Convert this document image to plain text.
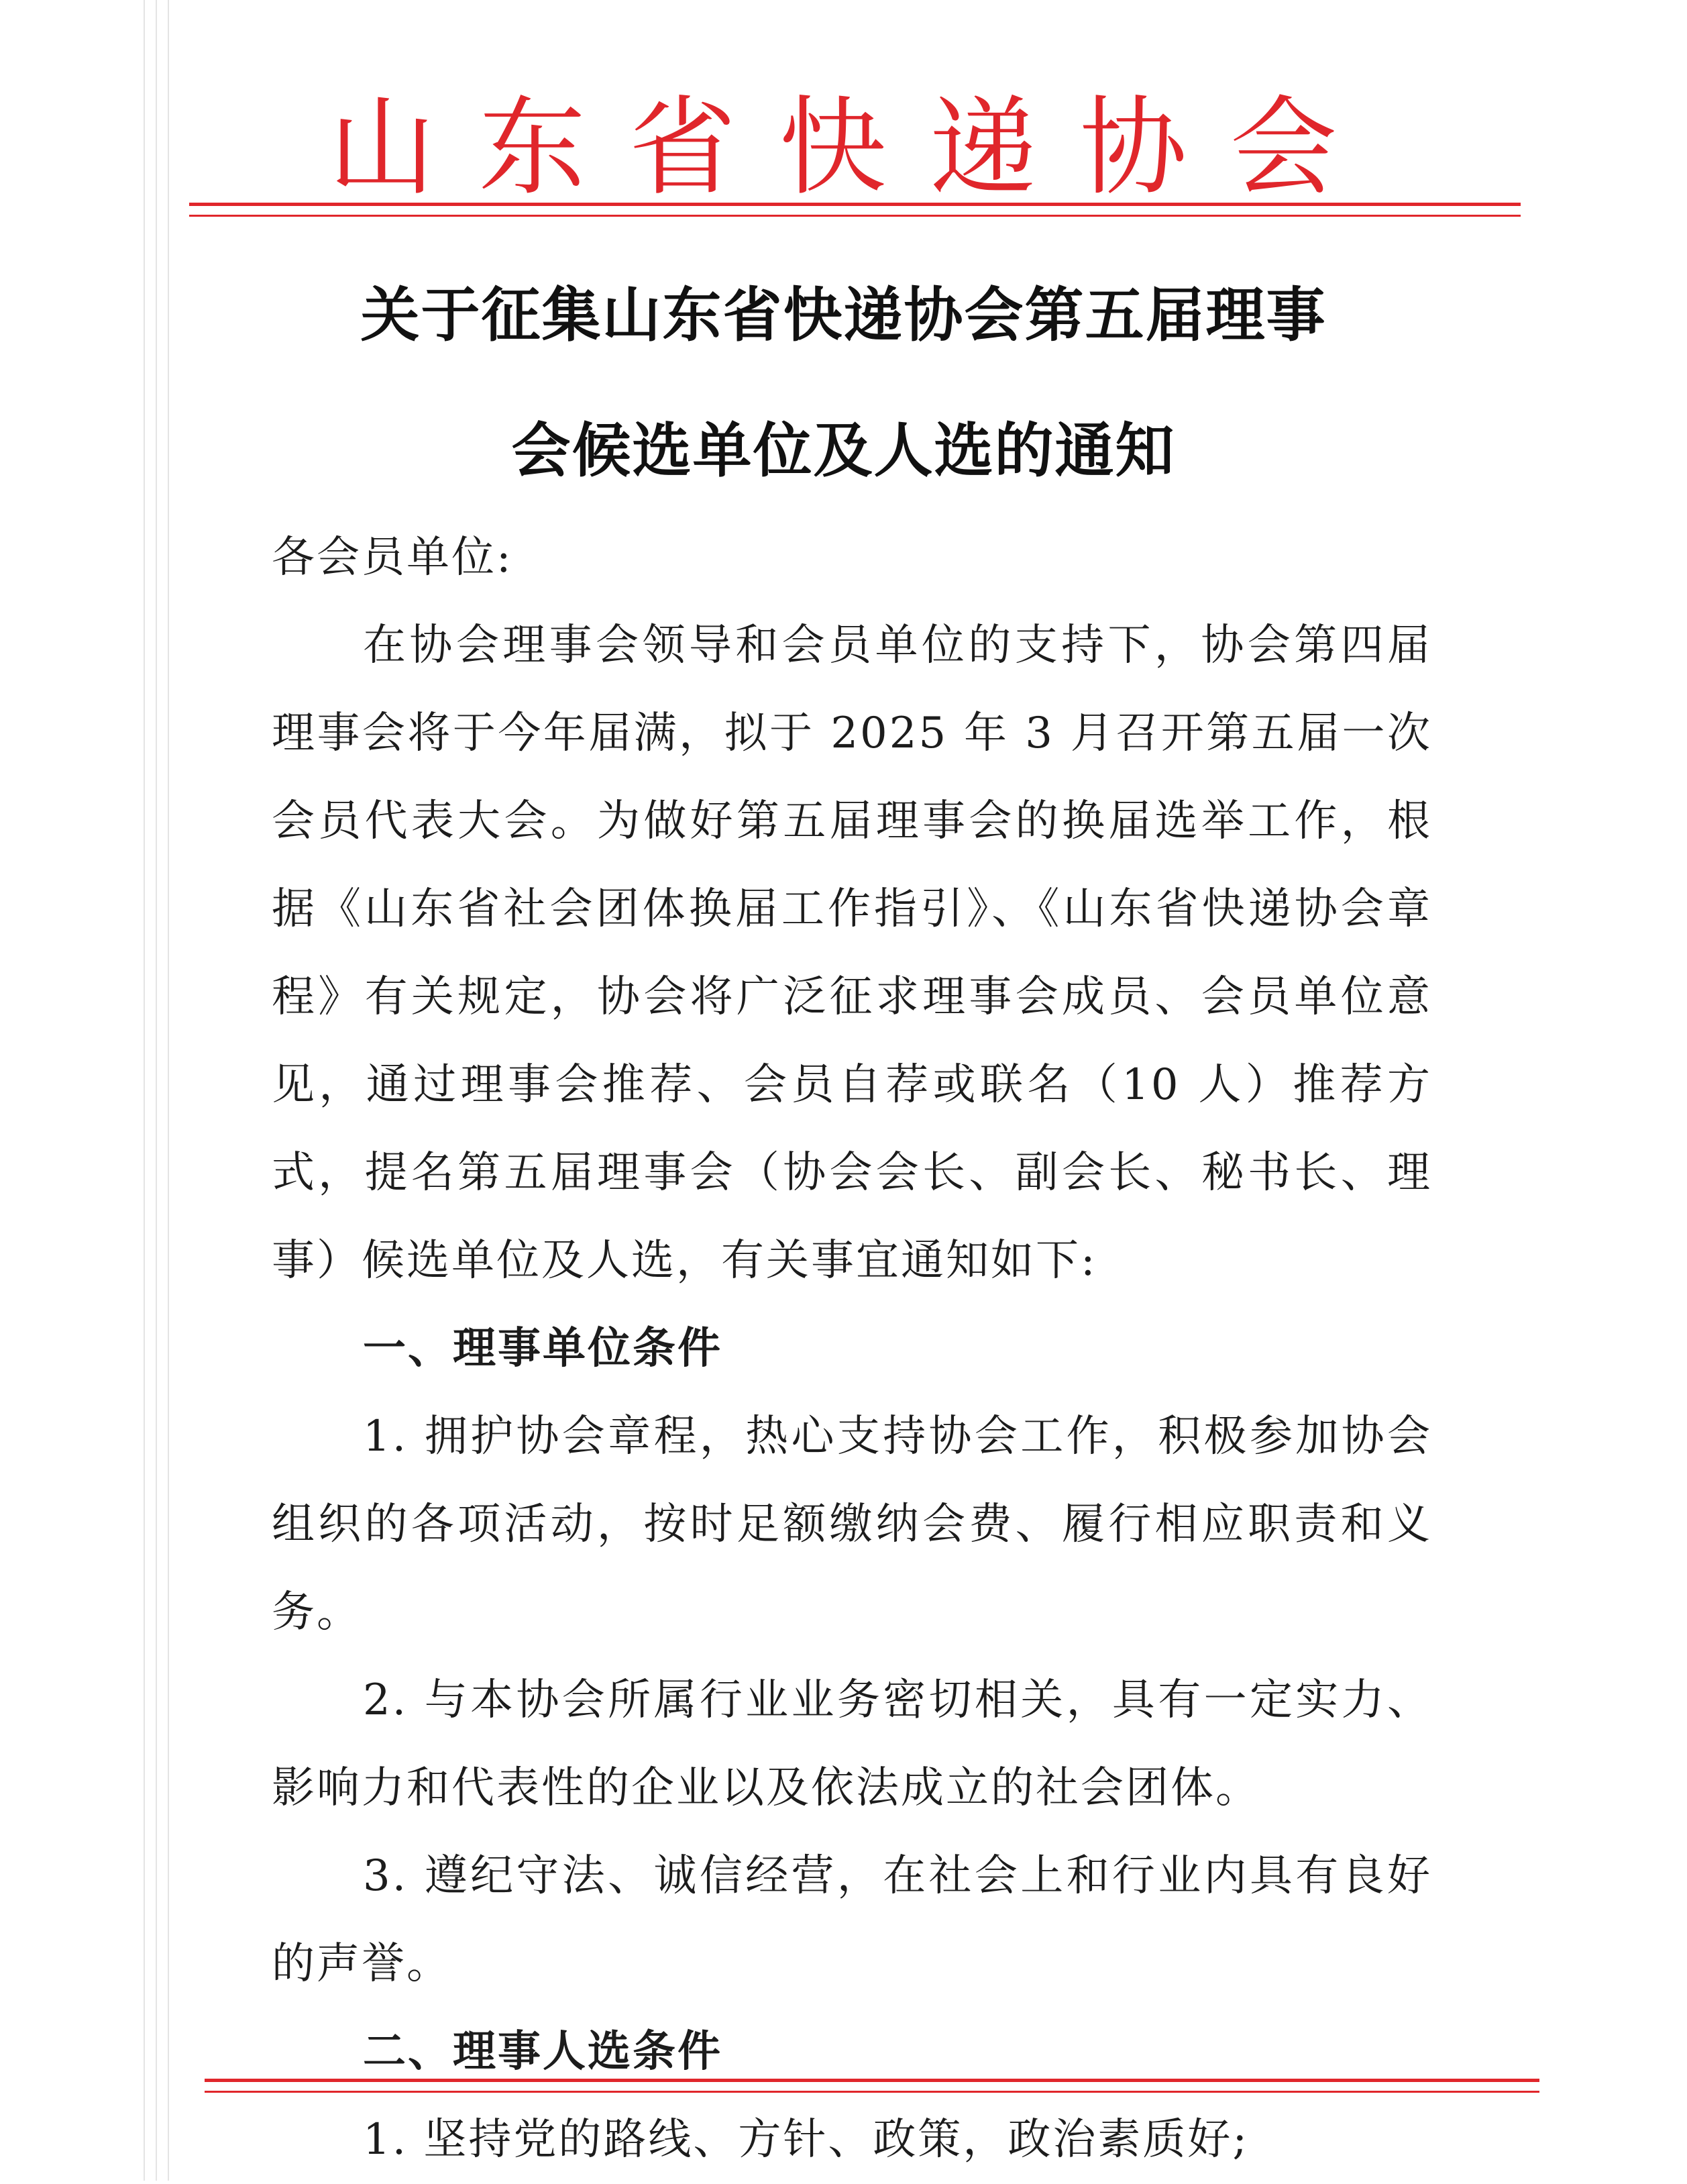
山东省快递协会
关于征集山东省快递协会第五届理事
会候选单位及人选的通知

各会员单位:

在协会理事会领导和会员单位的支持下，协会第四届理事会将于今年届满，拟于 2025 年 3 月召开第五届一次会员代表大会。为做好第五届理事会的换届选举工作，根据《山东省社会团体换届工作指引》、《山东省快递协会章程》有关规定，协会将广泛征求理事会成员、会员单位意见，通过理事会推荐、会员自荐或联名（10 人）推荐方式，提名第五届理事会（协会会长、副会长、秘书长、理事）候选单位及人选，有关事宜通知如下:

一、理事单位条件

1. 拥护协会章程，热心支持协会工作，积极参加协会组织的各项活动，按时足额缴纳会费、履行相应职责和义务。

2. 与本协会所属行业业务密切相关，具有一定实力、影响力和代表性的企业以及依法成立的社会团体。

3. 遵纪守法、诚信经营，在社会上和行业内具有良好的声誉。

二、理事人选条件

1. 坚持党的路线、方针、政策，政治素质好;
